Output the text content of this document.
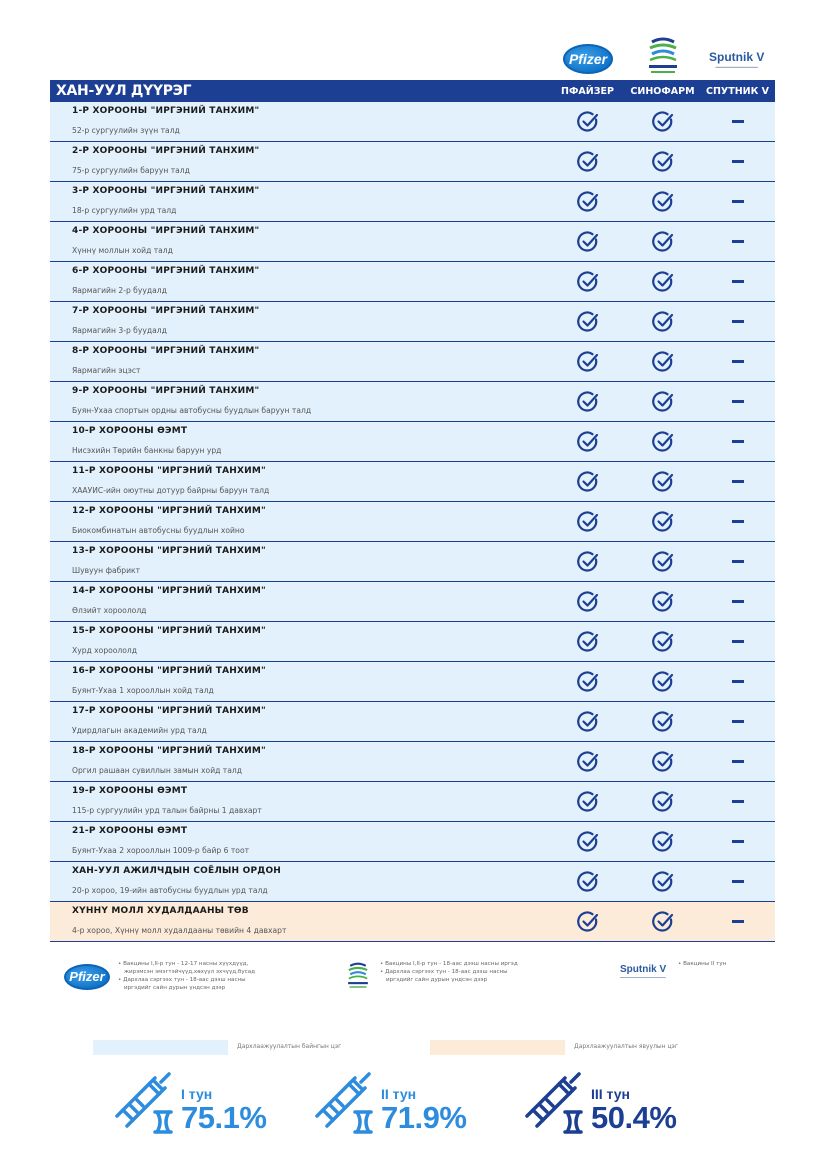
Pfizer	Sputnik V
━━━━━━━━━━━━━━
ХАН-УУЛ ДҮҮРЭГ	ПФАЙЗЕР	СИНОФАРМ	СПУТНИК V
1-Р ХОРООНЫ "ИРГЭНИЙ ТАНХИМ"
52-р сургуулийн зүүн талд
2-Р ХОРООНЫ "ИРГЭНИЙ ТАНХИМ"
75-р сургуулийн баруун талд
3-Р ХОРООНЫ "ИРГЭНИЙ ТАНХИМ"
18-р сургуулийн урд талд
4-Р ХОРООНЫ "ИРГЭНИЙ ТАНХИМ"
Хүннү моллын хойд талд
6-Р ХОРООНЫ "ИРГЭНИЙ ТАНХИМ"
Яармагийн 2-р буудалд
7-Р ХОРООНЫ "ИРГЭНИЙ ТАНХИМ"
Яармагийн 3-р буудалд
8-Р ХОРООНЫ "ИРГЭНИЙ ТАНХИМ"
Яармагийн эцэст
9-Р ХОРООНЫ "ИРГЭНИЙ ТАНХИМ"
Буян-Ухаа спортын ордны автобусны буудлын баруун талд
10-Р ХОРООНЫ ӨЭМТ
Нисэхийн Төрийн банкны баруун урд
11-Р ХОРООНЫ "ИРГЭНИЙ ТАНХИМ"
ХААУИС-ийн оюутны дотуур байрны баруун талд
12-Р ХОРООНЫ "ИРГЭНИЙ ТАНХИМ"
Биокомбинатын автобусны буудлын хойно
13-Р ХОРООНЫ "ИРГЭНИЙ ТАНХИМ"
Шувуун фабрикт
14-Р ХОРООНЫ "ИРГЭНИЙ ТАНХИМ"
Өлзийт хороололд
15-Р ХОРООНЫ "ИРГЭНИЙ ТАНХИМ"
Хурд хороололд
16-Р ХОРООНЫ "ИРГЭНИЙ ТАНХИМ"
Буянт-Ухаа 1 хорооллын хойд талд
17-Р ХОРООНЫ "ИРГЭНИЙ ТАНХИМ"
Удирдлагын академийн урд талд
18-Р ХОРООНЫ "ИРГЭНИЙ ТАНХИМ"
Оргил рашаан сувиллын замын хойд талд
19-Р ХОРООНЫ ӨЭМТ
115-р сургуулийн урд талын байрны 1 давхарт
21-Р ХОРООНЫ ӨЭМТ
Буянт-Ухаа 2 хорооллын 1009-р байр 6 тоот
ХАН-УУЛ АЖИЛЧДЫН СОЁЛЫН ОРДОН
20-р хороо, 19-ийн автобусны буудлын урд талд
ХҮННҮ МОЛЛ ХУДАЛДААНЫ ТӨВ
4-р хороо, Хүннү молл худалдааны төвийн 4 давхарт
Pfizer
• Вакцины I,II-р тун - 12-17 насны хүүхдүүд,
жирэмсэн эмэгтэйчүүд,хөхүүл эхчүүд,бусад
• Дархлаа сэргээх тун - 18-аас дээш насны
иргэдийг сайн дурын үндсэн дээр
• Вакцины I,II-р тун - 18-аас дээш насны иргэд
• Дархлаа сэргээх тун - 18-аас дээш насны
иргэдийг сайн дурын үндсэн дээр
Sputnik V
━━━━━━━━━━━━━━━━━━━
• Вакцины II тун
Дархлаажуулалтын байнгын цэг	Дархлаажуулалтын явуулын цэг
I тун
75.1%
II тун
71.9%
III тун
50.4%
